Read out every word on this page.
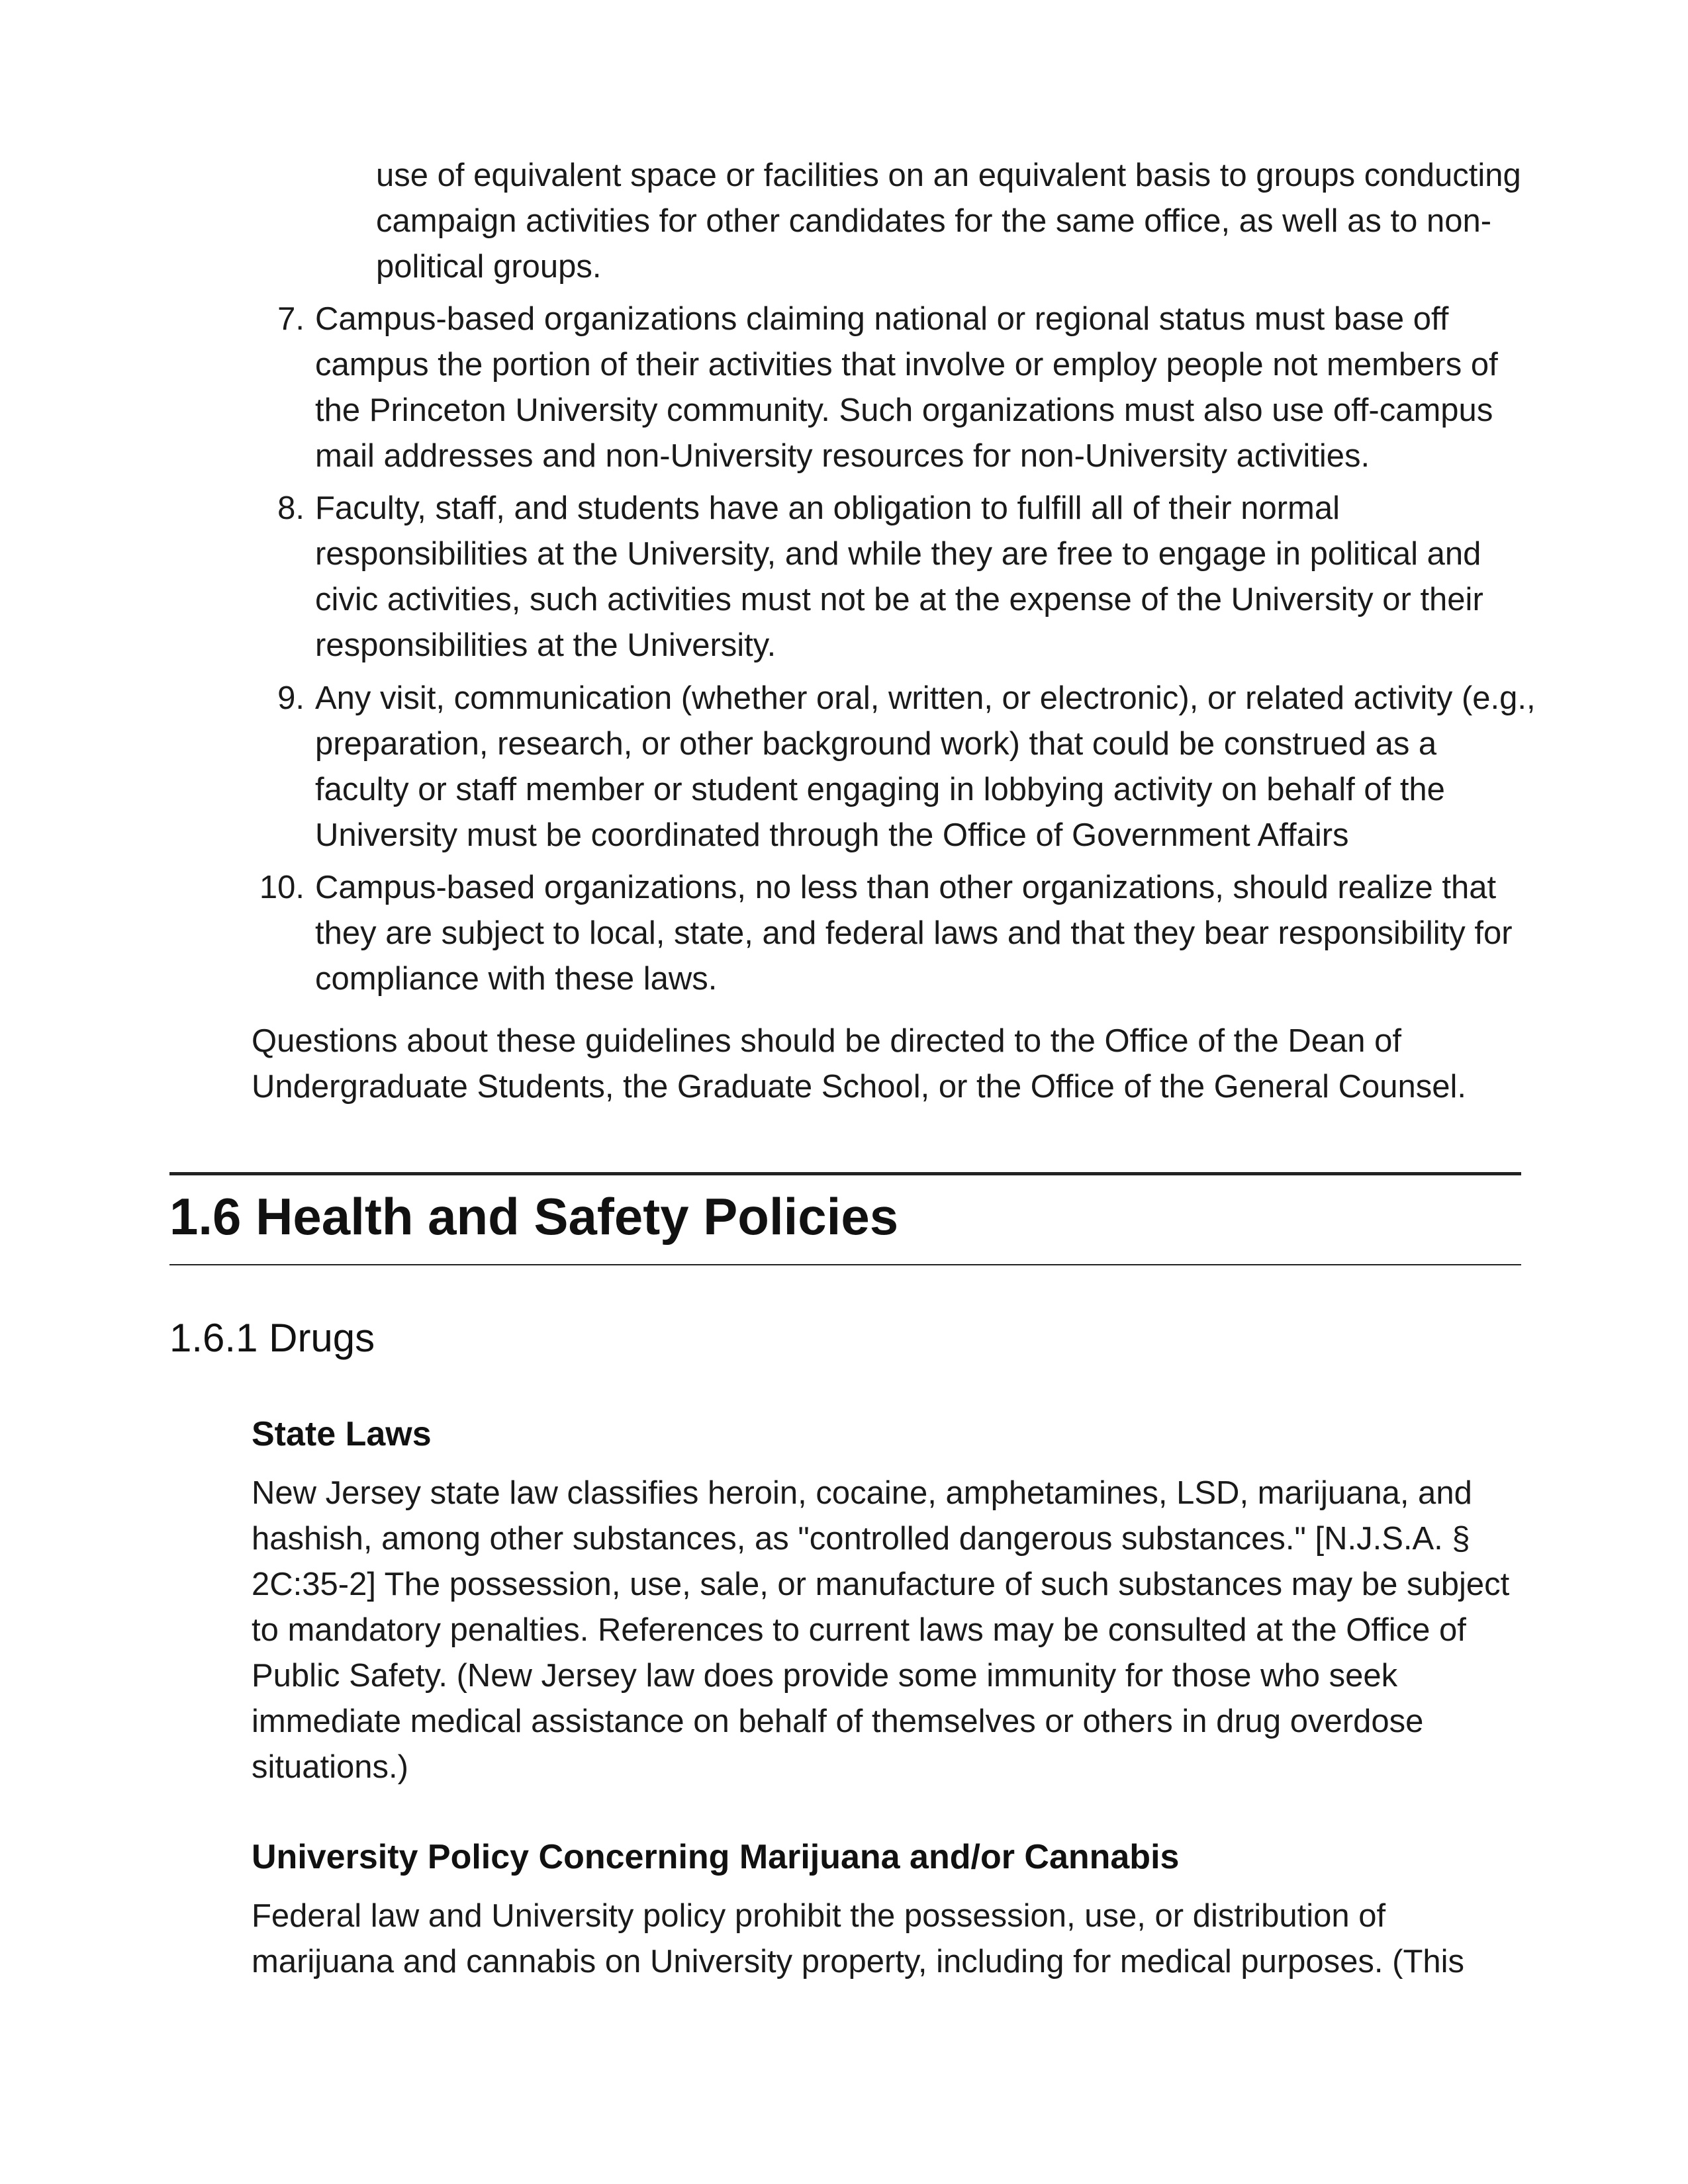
use of equivalent space or facilities on an equivalent basis to groups conducting campaign activities for other candidates for the same office, as well as to non-political groups.

7. Campus-based organizations claiming national or regional status must base off campus the portion of their activities that involve or employ people not members of the Princeton University community. Such organizations must also use off-campus mail addresses and non-University resources for non-University activities.
8. Faculty, staff, and students have an obligation to fulfill all of their normal responsibilities at the University, and while they are free to engage in political and civic activities, such activities must not be at the expense of the University or their responsibilities at the University.
9. Any visit, communication (whether oral, written, or electronic), or related activity (e.g., preparation, research, or other background work) that could be construed as a faculty or staff member or student engaging in lobbying activity on behalf of the University must be coordinated through the Office of Government Affairs
10. Campus-based organizations, no less than other organizations, should realize that they are subject to local, state, and federal laws and that they bear responsibility for compliance with these laws.

Questions about these guidelines should be directed to the Office of the Dean of Undergraduate Students, the Graduate School, or the Office of the General Counsel.

1.6 Health and Safety Policies
1.6.1 Drugs
State Laws

New Jersey state law classifies heroin, cocaine, amphetamines, LSD, marijuana, and hashish, among other substances, as "controlled dangerous substances." [N.J.S.A. § 2C:35-2] The possession, use, sale, or manufacture of such substances may be subject to mandatory penalties. References to current laws may be consulted at the Office of Public Safety. (New Jersey law does provide some immunity for those who seek immediate medical assistance on behalf of themselves or others in drug overdose situations.)

University Policy Concerning Marijuana and/or Cannabis

Federal law and University policy prohibit the possession, use, or distribution of marijuana and cannabis on University property, including for medical purposes. (This
